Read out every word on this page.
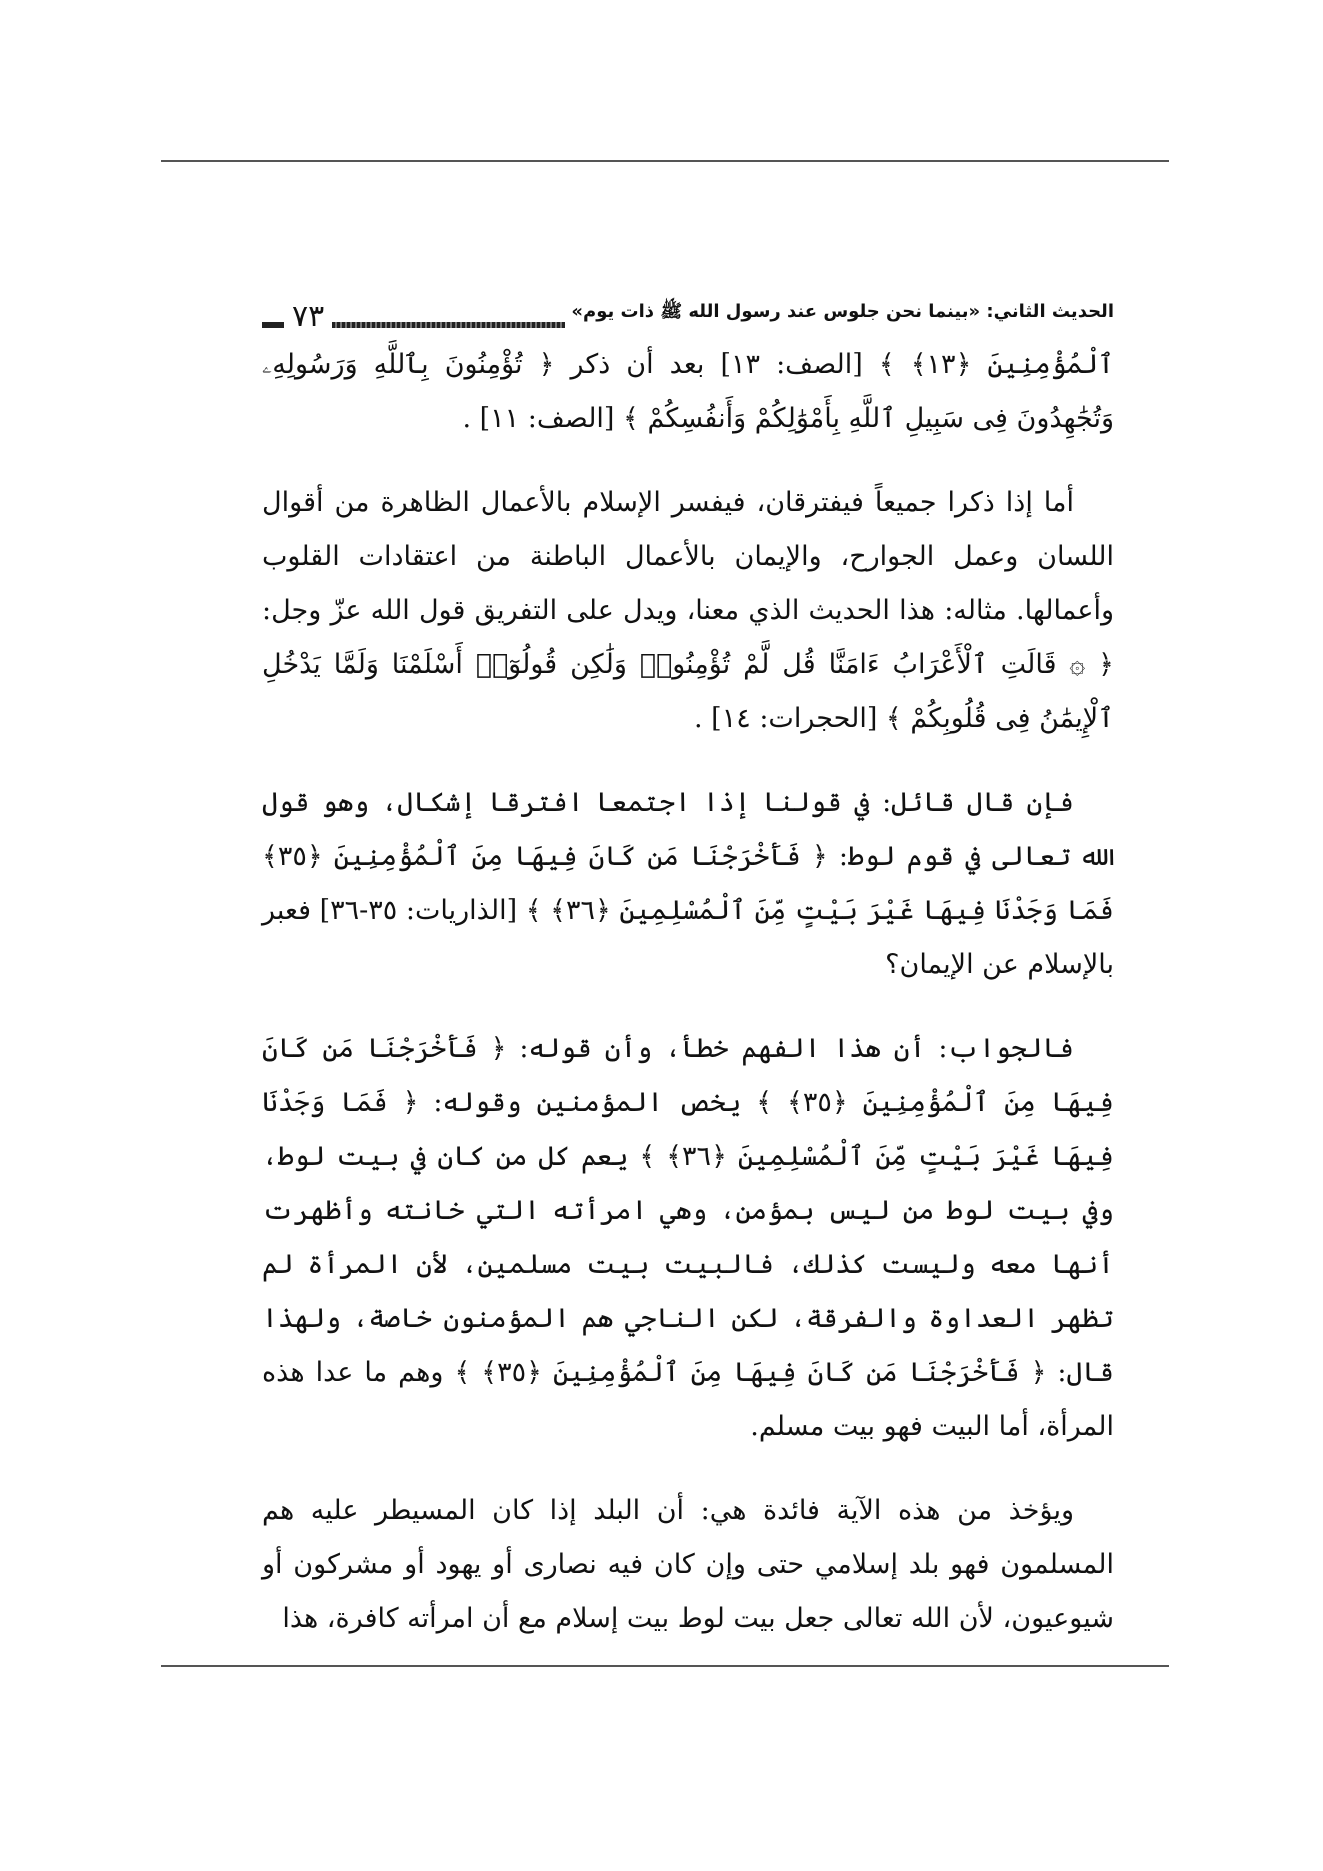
الحديث الثاني: «بينما نحن جلوس عند رسول الله ﷺ ذات يوم»
٧٣

ٱلْمُؤْمِنِينَ ﴿١٣﴾ ﴾ [الصف: ١٣] بعد أن ذكر ﴿ تُؤْمِنُونَ بِٱللَّهِ وَرَسُولِهِۦ وَتُجَٰهِدُونَ فِى سَبِيلِ ٱللَّهِ بِأَمْوَٰلِكُمْ وَأَنفُسِكُمْ ﴾ [الصف: ١١] .

أما إذا ذكرا جميعاً فيفترقان، فيفسر الإسلام بالأعمال الظاهرة من أقوال اللسان وعمل الجوارح، والإيمان بالأعمال الباطنة من اعتقادات القلوب وأعمالها. مثاله: هذا الحديث الذي معنا، ويدل على التفريق قول الله عزّ وجل: ﴿ ۞ قَالَتِ ٱلْأَعْرَابُ ءَامَنَّا قُل لَّمْ تُؤْمِنُوا۟ وَلَٰكِن قُولُوٓا۟ أَسْلَمْنَا وَلَمَّا يَدْخُلِ ٱلْإِيمَٰنُ فِى قُلُوبِكُمْ ﴾ [الحجرات: ١٤] .

فإن قال قائل: في قولنا إذا اجتمعا افترقا إشكال، وهو قول الله تعالى في قوم لوط: ﴿ فَأَخْرَجْنَا مَن كَانَ فِيهَا مِنَ ٱلْمُؤْمِنِينَ ﴿٣٥﴾ فَمَا وَجَدْنَا فِيهَا غَيْرَ بَيْتٍ مِّنَ ٱلْمُسْلِمِينَ ﴿٣٦﴾ ﴾ [الذاريات: ٣٥-٣٦] فعبر بالإسلام عن الإيمان؟

فالجواب: أن هذا الفهم خطأ، وأن قوله: ﴿ فَأَخْرَجْنَا مَن كَانَ فِيهَا مِنَ ٱلْمُؤْمِنِينَ ﴿٣٥﴾ ﴾ يخص المؤمنين وقوله: ﴿ فَمَا وَجَدْنَا فِيهَا غَيْرَ بَيْتٍ مِّنَ ٱلْمُسْلِمِينَ ﴿٣٦﴾ ﴾ يعم كل من كان في بيت لوط، وفي بيت لوط من ليس بمؤمن، وهي امرأته التي خانته وأظهرت أنها معه وليست كذلك، فالبيت بيت مسلمين، لأن المرأة لم تظهر العداوة والفرقة، لكن الناجي هم المؤمنون خاصة، ولهذا قال: ﴿ فَأَخْرَجْنَا مَن كَانَ فِيهَا مِنَ ٱلْمُؤْمِنِينَ ﴿٣٥﴾ ﴾ وهم ما عدا هذه المرأة، أما البيت فهو بيت مسلم.

ويؤخذ من هذه الآية فائدة هي: أن البلد إذا كان المسيطر عليه هم المسلمون فهو بلد إسلامي حتى وإن كان فيه نصارى أو يهود أو مشركون أو شيوعيون، لأن الله تعالى جعل بيت لوط بيت إسلام مع أن امرأته كافرة، هذا
